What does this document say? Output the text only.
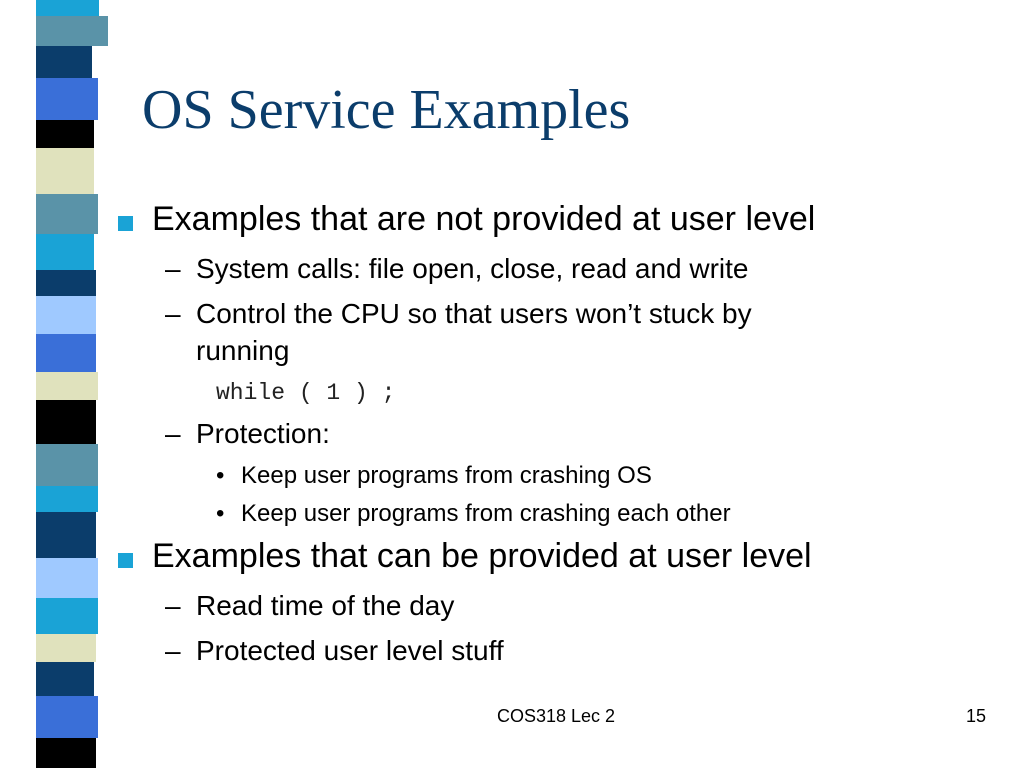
OS Service Examples
Examples that are not provided at user level
– System calls: file open, close, read and write
– Control the CPU so that users won’t stuck by
running
while ( 1 ) ;
– Protection:
• Keep user programs from crashing OS
• Keep user programs from crashing each other
Examples that can be provided at user level
– Read time of the day
– Protected user level stuff
COS318 Lec 2	15
